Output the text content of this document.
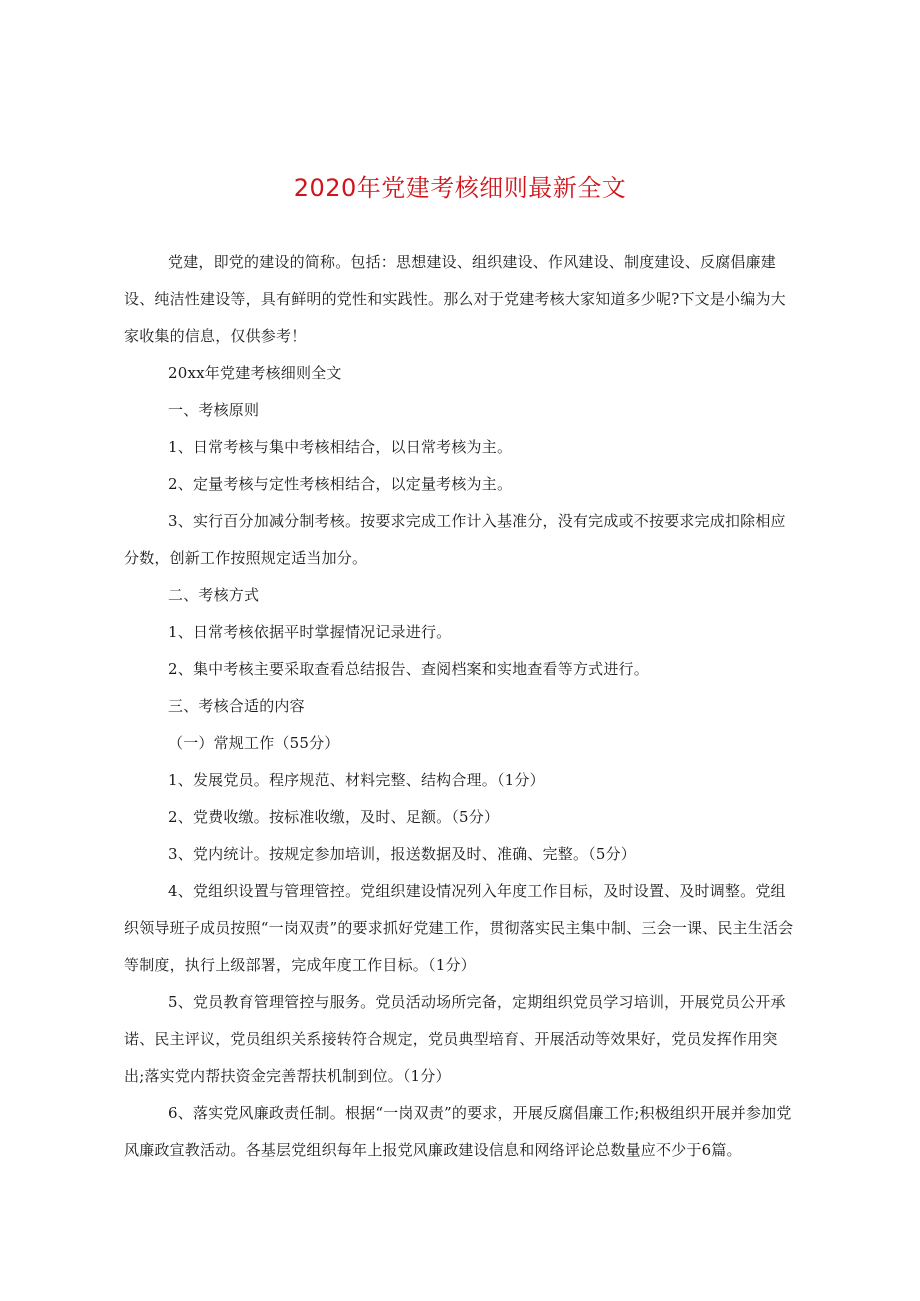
2020年党建考核细则最新全文

党建，即党的建设的简称。包括：思想建设、组织建设、作风建设、制度建设、反腐倡廉建设、纯洁性建设等，具有鲜明的党性和实践性。那么对于党建考核大家知道多少呢?下文是小编为大家收集的信息，仅供参考！

20xx年党建考核细则全文

一、考核原则

1、日常考核与集中考核相结合，以日常考核为主。

2、定量考核与定性考核相结合，以定量考核为主。

3、实行百分加减分制考核。按要求完成工作计入基准分，没有完成或不按要求完成扣除相应分数，创新工作按照规定适当加分。

二、考核方式

1、日常考核依据平时掌握情况记录进行。

2、集中考核主要采取查看总结报告、查阅档案和实地查看等方式进行。

三、考核合适的内容

（一）常规工作（55分）

1、发展党员。程序规范、材料完整、结构合理。（1分）

2、党费收缴。按标准收缴，及时、足额。（5分）

3、党内统计。按规定参加培训，报送数据及时、准确、完整。（5分）

4、党组织设置与管理管控。党组织建设情况列入年度工作目标，及时设置、及时调整。党组织领导班子成员按照“一岗双责”的要求抓好党建工作，贯彻落实民主集中制、三会一课、民主生活会等制度，执行上级部署，完成年度工作目标。（1分）

5、党员教育管理管控与服务。党员活动场所完备，定期组织党员学习培训，开展党员公开承诺、民主评议，党员组织关系接转符合规定，党员典型培育、开展活动等效果好，党员发挥作用突出;落实党内帮扶资金完善帮扶机制到位。（1分）

6、落实党风廉政责任制。根据“一岗双责”的要求，开展反腐倡廉工作;积极组织开展并参加党风廉政宣教活动。各基层党组织每年上报党风廉政建设信息和网络评论总数量应不少于6篇。
